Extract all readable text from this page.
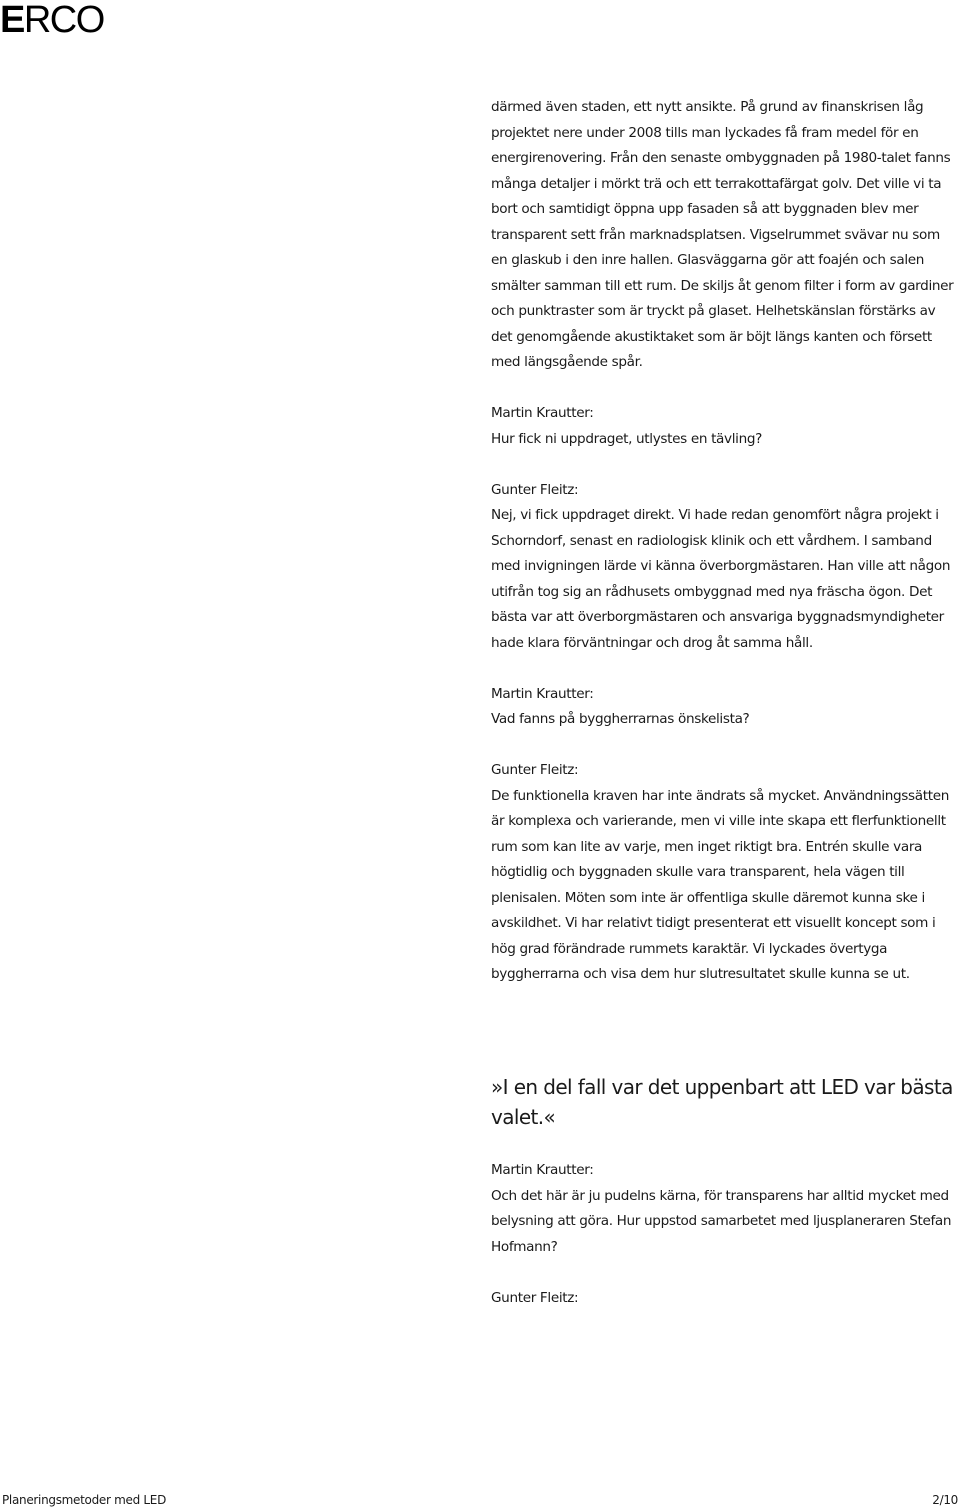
ERCO

därmed även staden, ett nytt ansikte. På grund av finanskrisen låg projektet nere under 2008 tills man lyckades få fram medel för en energirenovering. Från den senaste ombyggnaden på 1980-talet fanns många detaljer i mörkt trä och ett terrakottafärgat golv. Det ville vi ta bort och samtidigt öppna upp fasaden så att byggnaden blev mer transparent sett från marknadsplatsen. Vigselrummet svävar nu som en glaskub i den inre hallen. Glasväggarna gör att foajén och salen smälter samman till ett rum. De skiljs åt genom filter i form av gardiner och punktraster som är tryckt på glaset. Helhetskänslan förstärks av det genomgående akustiktaket som är böjt längs kanten och försett med längsgående spår.

Martin Krautter:
Hur fick ni uppdraget, utlystes en tävling?

Gunter Fleitz:
Nej, vi fick uppdraget direkt. Vi hade redan genomfört några projekt i Schorndorf, senast en radiologisk klinik och ett vårdhem. I samband med invigningen lärde vi känna överborgmästaren. Han ville att någon utifrån tog sig an rådhusets ombyggnad med nya fräscha ögon. Det bästa var att överborgmästaren och ansvariga byggnadsmyndigheter hade klara förväntningar och drog åt samma håll.

Martin Krautter:
Vad fanns på byggherrarnas önskelista?

Gunter Fleitz:
De funktionella kraven har inte ändrats så mycket. Användningssätten är komplexa och varierande, men vi ville inte skapa ett flerfunktionellt rum som kan lite av varje, men inget riktigt bra. Entrén skulle vara högtidlig och byggnaden skulle vara transparent, hela vägen till plenisalen. Möten som inte är offentliga skulle däremot kunna ske i avskildhet. Vi har relativt tidigt presenterat ett visuellt koncept som i hög grad förändrade rummets karaktär. Vi lyckades övertyga byggherrarna och visa dem hur slutresultatet skulle kunna se ut.

»I en del fall var det uppenbart att LED var bästa valet.«

Martin Krautter:
Och det här är ju pudelns kärna, för transparens har alltid mycket med belysning att göra. Hur uppstod samarbetet med ljusplaneraren Stefan Hofmann?

Gunter Fleitz:

Planeringsmetoder med LED	2/10
